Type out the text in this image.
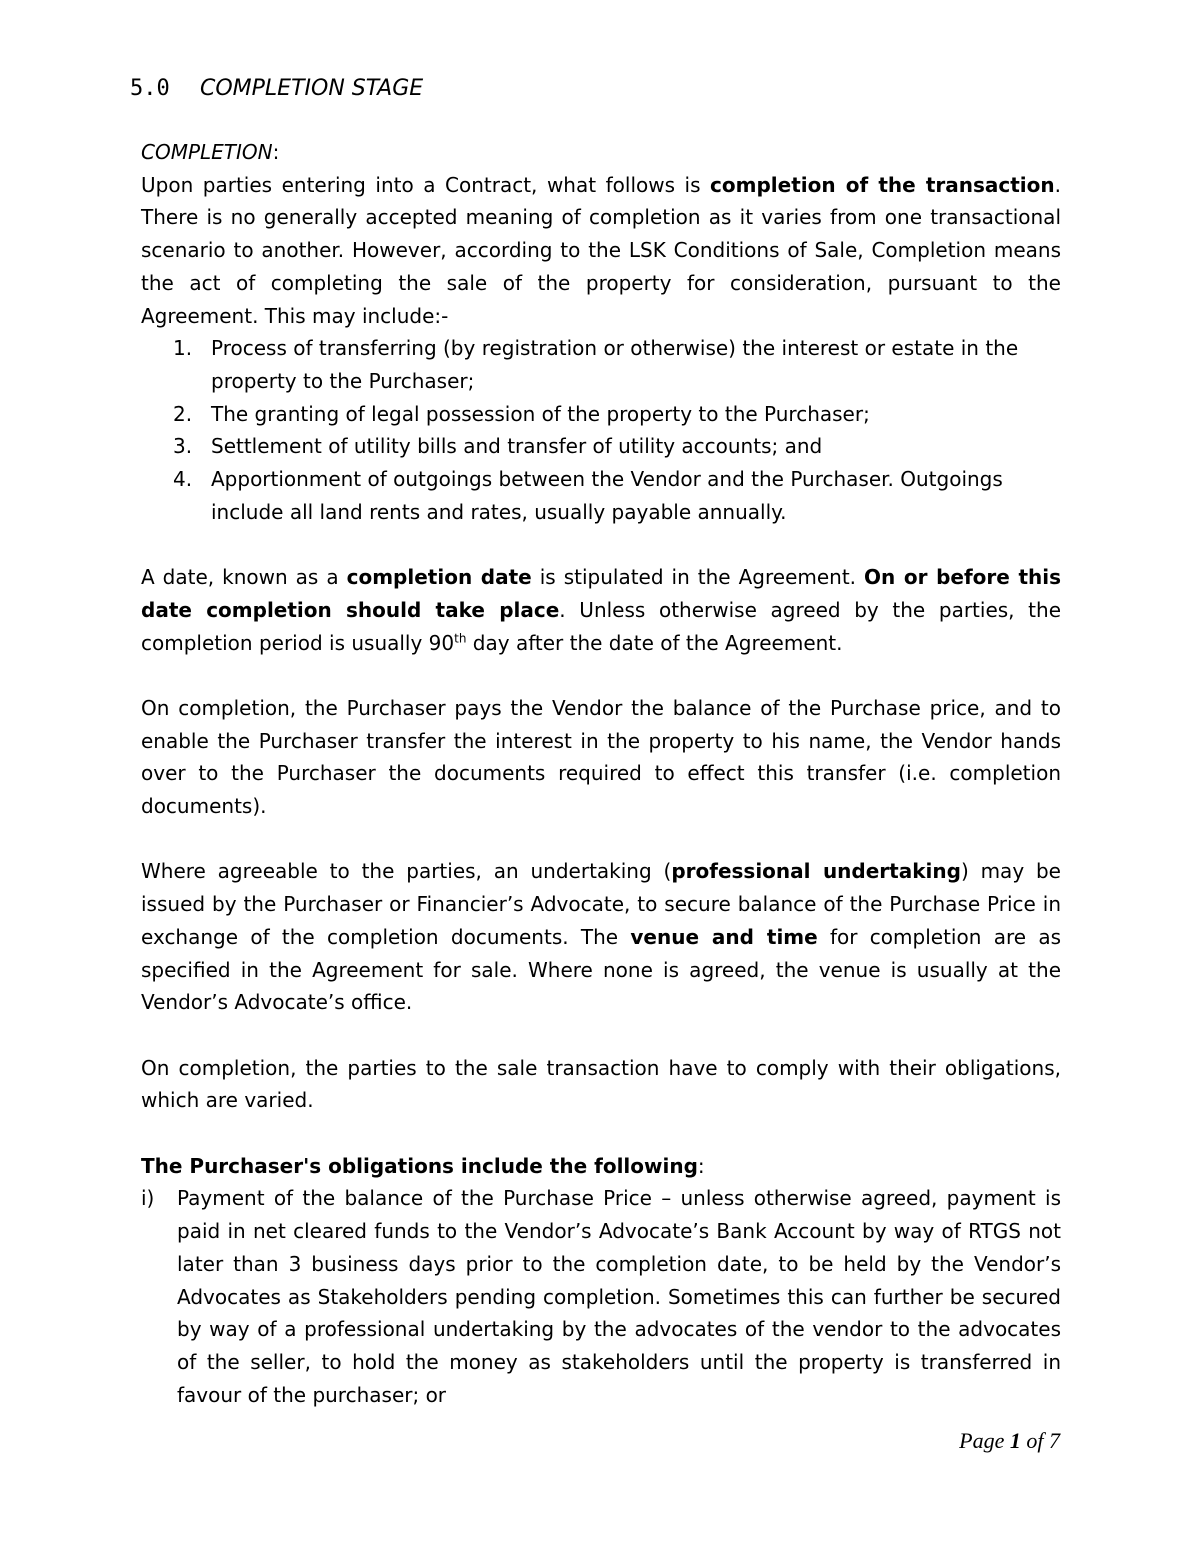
5.0 COMPLETION STAGE

COMPLETION:

Upon parties entering into a Contract, what follows is completion of the transaction. There is no generally accepted meaning of completion as it varies from one transactional scenario to another. However, according to the LSK Conditions of Sale, Completion means the act of completing the sale of the property for consideration, pursuant to the Agreement. This may include:-

1. Process of transferring (by registration or otherwise) the interest or estate in the property to the Purchaser;
2. The granting of legal possession of the property to the Purchaser;
3. Settlement of utility bills and transfer of utility accounts; and
4. Apportionment of outgoings between the Vendor and the Purchaser. Outgoings include all land rents and rates, usually payable annually.

A date, known as a completion date is stipulated in the Agreement. On or before this date completion should take place. Unless otherwise agreed by the parties, the completion period is usually 90th day after the date of the Agreement.

On completion, the Purchaser pays the Vendor the balance of the Purchase price, and to enable the Purchaser transfer the interest in the property to his name, the Vendor hands over to the Purchaser the documents required to effect this transfer (i.e. completion documents).

Where agreeable to the parties, an undertaking (professional undertaking) may be issued by the Purchaser or Financier’s Advocate, to secure balance of the Purchase Price in exchange of the completion documents. The venue and time for completion are as specified in the Agreement for sale. Where none is agreed, the venue is usually at the Vendor’s Advocate’s office.

On completion, the parties to the sale transaction have to comply with their obligations, which are varied.

The Purchaser's obligations include the following:

i) Payment of the balance of the Purchase Price – unless otherwise agreed, payment is paid in net cleared funds to the Vendor’s Advocate’s Bank Account by way of RTGS not later than 3 business days prior to the completion date, to be held by the Vendor’s Advocates as Stakeholders pending completion. Sometimes this can further be secured by way of a professional undertaking by the advocates of the vendor to the advocates of the seller, to hold the money as stakeholders until the property is transferred in favour of the purchaser; or

Page 1 of 7
